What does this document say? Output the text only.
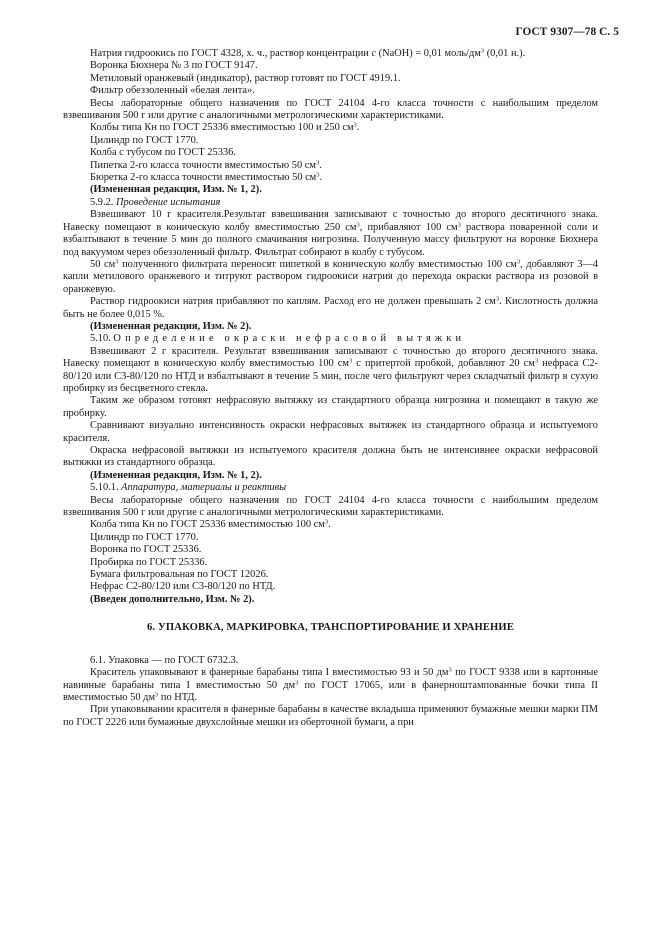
ГОСТ 9307—78 С. 5

Натрия гидроокись по ГОСТ 4328, х. ч., раствор концентрации с (NaOH) = 0,01 моль/$дм^3$ (0,01 н.).

Воронка Бюхнера № 3 по ГОСТ 9147.

Метиловый оранжевый (индикатор), раствор готовят по ГОСТ 4919.1.

Фильтр обеззоленный «белая лента».

Весы лабораторные общего назначения по ГОСТ 24104 4-го класса точности с наибольшим пределом взвешивания 500 г или другие с аналогичными метрологическими характеристиками.

Колбы типа Кн по ГОСТ 25336 вместимостью 100 и 250 $см^3$.

Цилиндр по ГОСТ 1770.

Колба с тубусом по ГОСТ 25336.

Пипетка 2-го класса точности вместимостью 50 $см^3$.

Бюретка 2-го класса точности вместимостью 50 $см^3$.

(Измененная редакция, Изм. № 1, 2).

5.9.2. Проведение испытания

Взвешивают 10 г красителя.Результат взвешивания записывают с точностью до второго десятичного знака. Навеску помещают в коническую колбу вместимостью 250 $см^3$, прибавляют 100 $см^3$ раствора поваренной соли и взбалтывают в течение 5 мин до полного смачивания нигрозина. Полученную массу фильтруют на воронке Бюхнера под вакуумом через обеззоленный фильтр. Фильтрат собирают в колбу с тубусом.

50 $см^3$ полученного фильтрата переносят пипеткой в коническую колбу вместимостью 100 $см^3$, добавляют 3—4 капли метилового оранжевого и титруют раствором гидроокиси натрия до перехода окраски раствора из розовой в оранжевую.

Раствор гидроокиси натрия прибавляют по каплям. Расход его не должен превышать 2 $см^3$. Кислотность должна быть не более 0,015 %.

(Измененная редакция, Изм. № 2).

5.10. Определение окраски нефрасовой вытяжки

Взвешивают 2 г красителя. Результат взвешивания записывают с точностью до второго десятичного знака. Навеску помещают в коническую колбу вместимостью 100 $см^3$ с притертой пробкой, добавляют 20 $см^3$ нефраса С2-80/120 или С3-80/120 по НТД и взбалтывают в течение 5 мин, после чего фильтруют через складчатый фильтр в сухую пробирку из бесцветного стекла.

Таким же образом готовят нефрасовую вытяжку из стандартного образца нигрозина и помещают в такую же пробирку.

Сравнивают визуально интенсивность окраски нефрасовых вытяжек из стандартного образца и испытуемого красителя.

Окраска нефрасовой вытяжки из испытуемого красителя должна быть не интенсивнее окраски нефрасовой вытяжки из стандартного образца.

(Измененная редакция, Изм. № 1, 2).

5.10.1. Аппаратура, материалы и реактивы

Весы лабораторные общего назначения по ГОСТ 24104 4-го класса точности с наибольшим пределом взвешивания 500 г или другие с аналогичными метрологическими характеристиками.

Колба типа Кн по ГОСТ 25336 вместимостью 100 $см^3$.

Цилиндр по ГОСТ 1770.

Воронка по ГОСТ 25336.

Пробирка по ГОСТ 25336.

Бумага фильтровальная по ГОСТ 12026.

Нефрас С2-80/120 или С3-80/120 по НТД.

(Введен дополнительно, Изм. № 2).

6. УПАКОВКА, МАРКИРОВКА, ТРАНСПОРТИРОВАНИЕ И ХРАНЕНИЕ

6.1. Упаковка — по ГОСТ 6732.3.

Краситель упаковывают в фанерные барабаны типа I вместимостью 93 и 50 $дм^3$ по ГОСТ 9338 или в картонные навивные барабаны типа I вместимостью 50 $дм^3$ по ГОСТ 17065, или в фанерноштампованные бочки типа II вместимостью 50 $дм^3$ по НТД.

При упаковывании красителя в фанерные барабаны в качестве вкладыша применяют бумажные мешки марки ПМ по ГОСТ 2226 или бумажные двухслойные мешки из оберточной бумаги, а при
